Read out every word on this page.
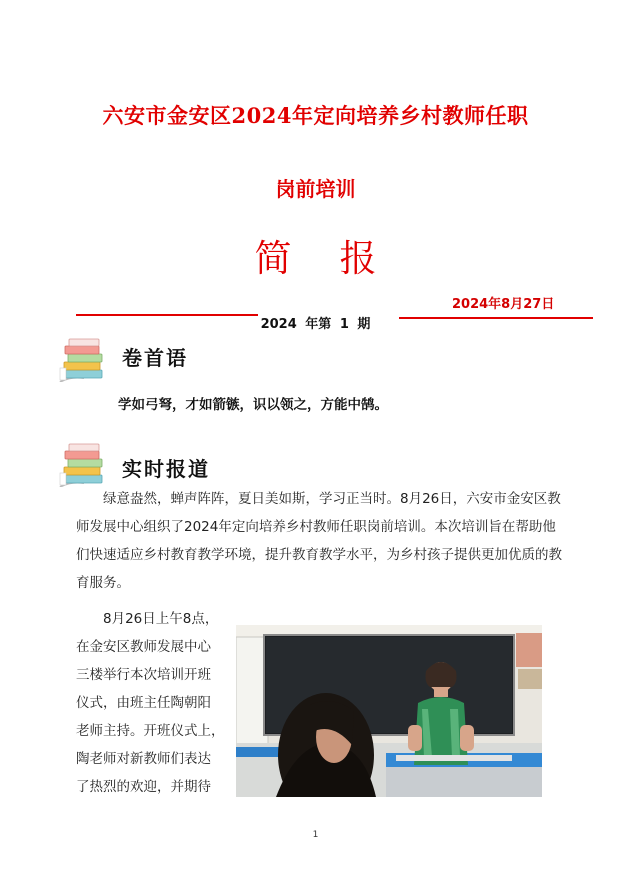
六安市金安区2024年定向培养乡村教师任职
岗前培训
简 报
2024年8月27日
2024 年第 1 期
卷首语
学如弓弩，才如箭镞，识以领之，方能中鹄。
实时报道
绿意盎然，蝉声阵阵，夏日美如斯，学习正当时。8月26日，六安市金安区教师发展中心组织了2024年定向培养乡村教师任职岗前培训。本次培训旨在帮助他们快速适应乡村教育教学环境，提升教育教学水平，为乡村孩子提供更加优质的教育服务。
8月26日上午8点，
在金安区教师发展中心
三楼举行本次培训开班
仪式，由班主任陶朝阳
老师主持。开班仪式上，
陶老师对新教师们表达
了热烈的欢迎，并期待
1
